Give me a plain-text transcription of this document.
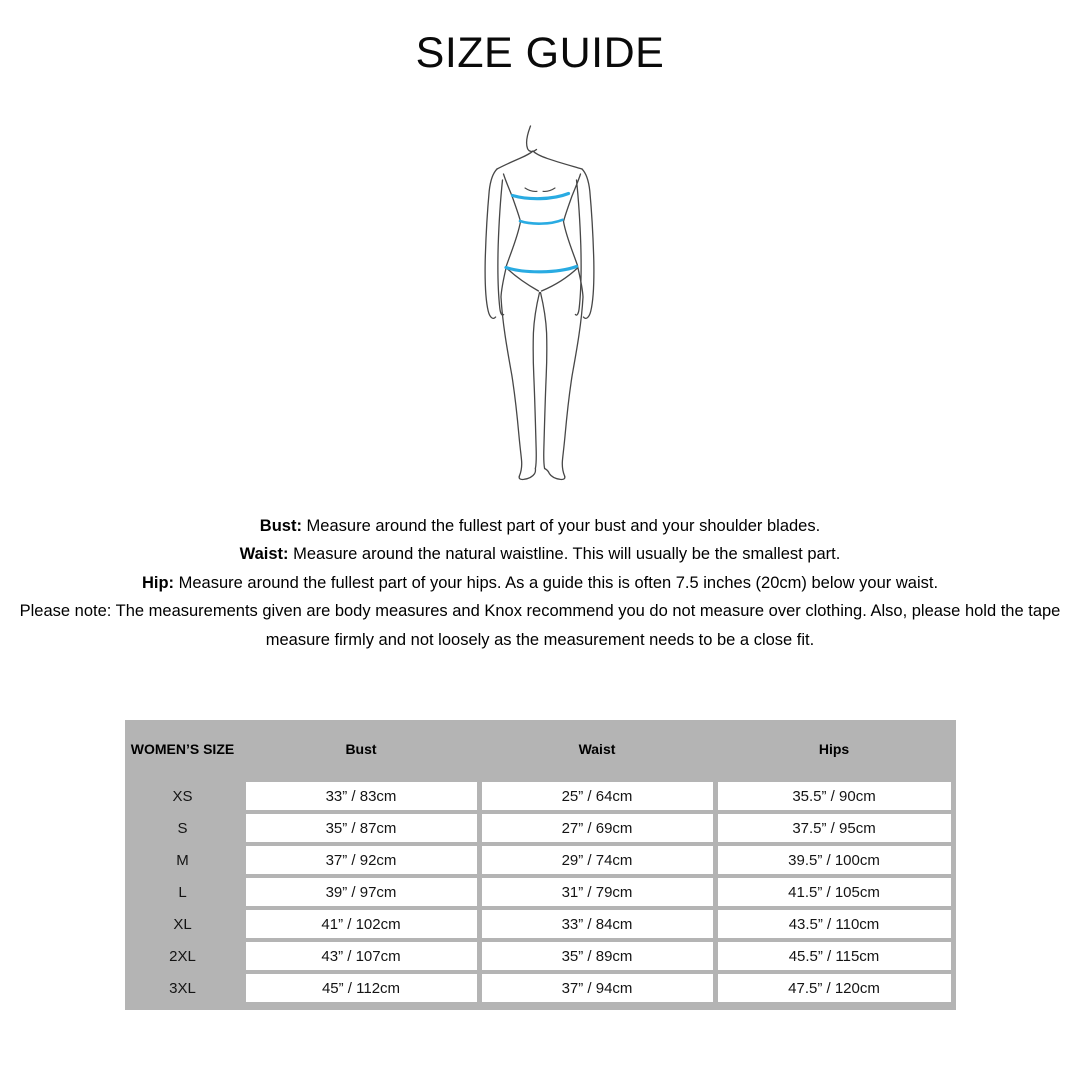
SIZE GUIDE

Bust: Measure around the fullest part of your bust and your shoulder blades.

Waist: Measure around the natural waistline. This will usually be the smallest part.

Hip: Measure around the fullest part of your hips. As a guide this is often 7.5 inches (20cm) below your waist.

Please note: The measurements given are body measures and Knox recommend you do not measure over clothing. Also, please hold the tape

measure firmly and not loosely as the measurement needs to be a close fit.

WOMEN’S SIZE	Bust	Waist	Hips
XS	33” / 83cm	25” / 64cm	35.5” / 90cm
S	35” / 87cm	27” / 69cm	37.5” / 95cm
M	37” / 92cm	29” / 74cm	39.5” / 100cm
L	39” / 97cm	31” / 79cm	41.5” / 105cm
XL	41” / 102cm	33” / 84cm	43.5” / 110cm
2XL	43” / 107cm	35” / 89cm	45.5” / 115cm
3XL	45” / 112cm	37” / 94cm	47.5” / 120cm
